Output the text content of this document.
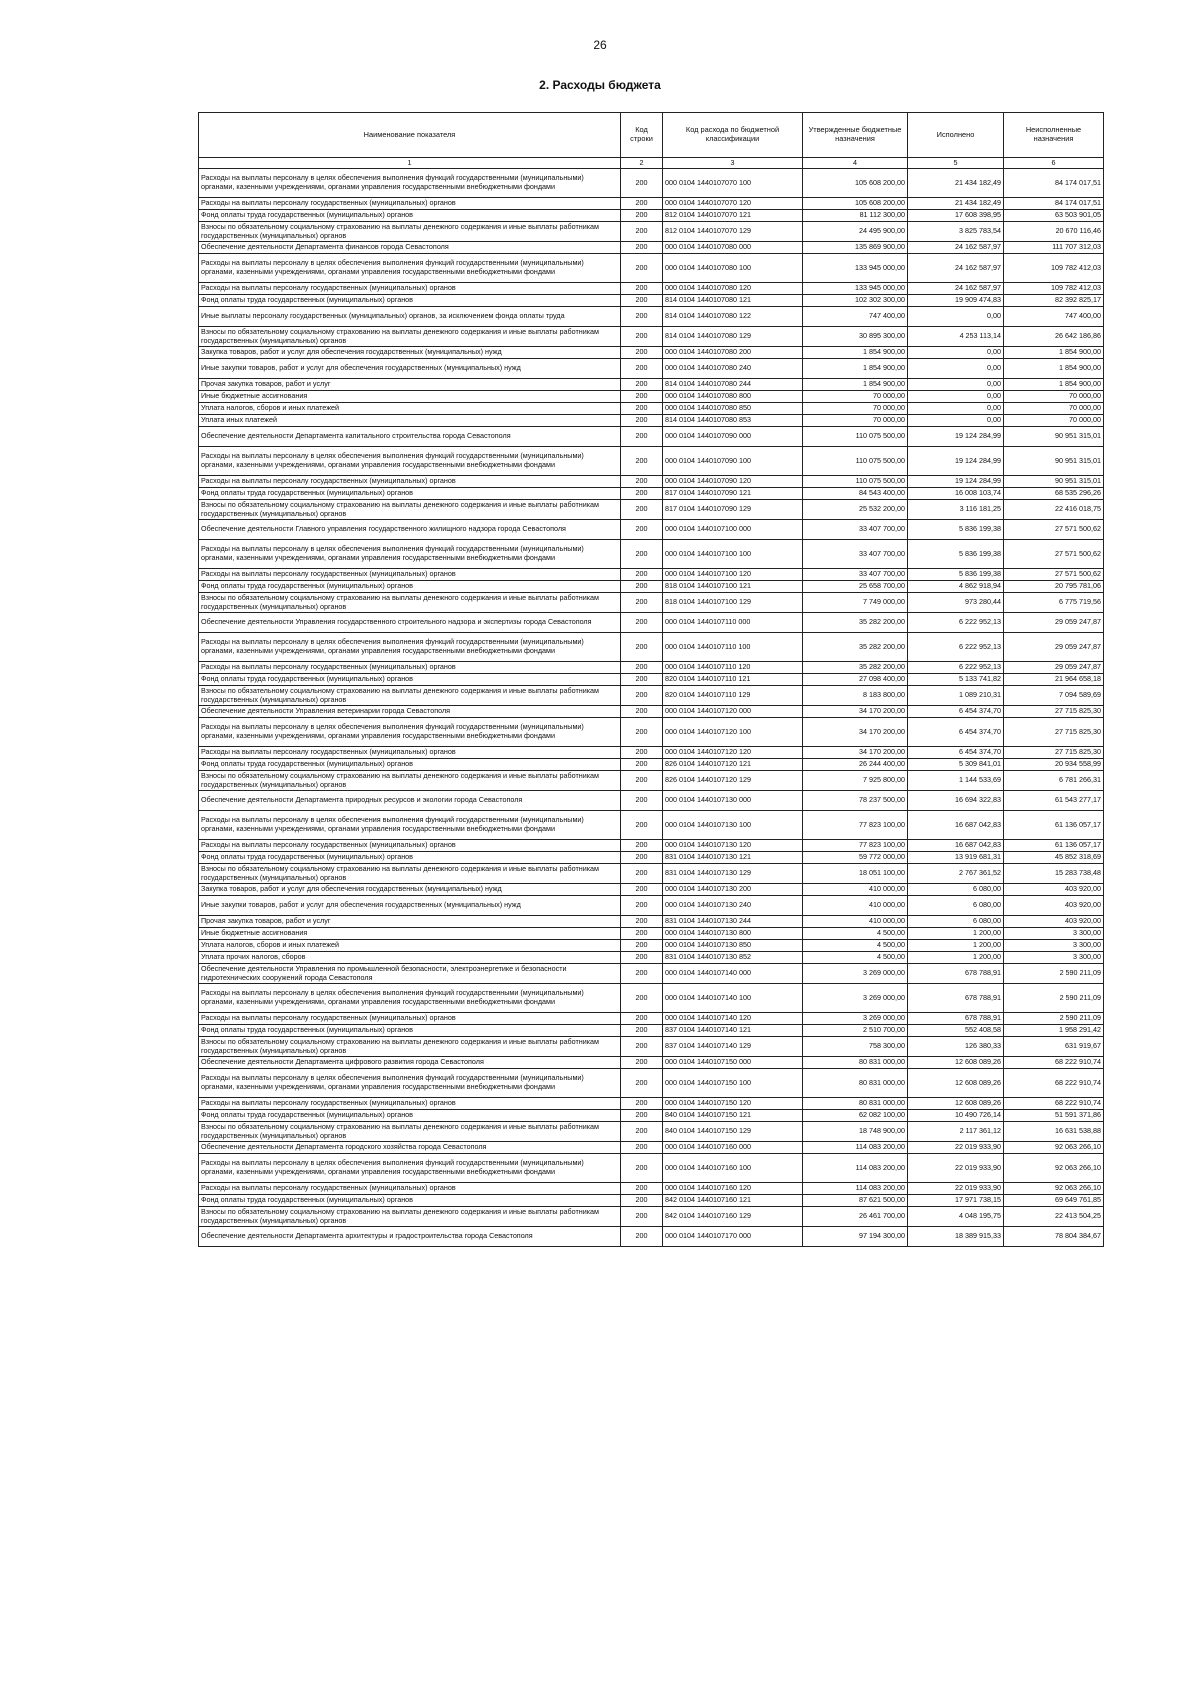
26
2. Расходы бюджета
Наименование показателя	Код строки	Код расхода по бюджетной классификации	Утвержденные бюджетные назначения	Исполнено	Неисполненные назначения
1	2	3	4	5	6
Расходы на выплаты персоналу в целях обеспечения выполнения функций государственными (муниципальными) органами, казенными учреждениями, органами управления государственными внебюджетными фондами	200	000 0104 1440107070 100	105 608 200,00	21 434 182,49	84 174 017,51
Расходы на выплаты персоналу государственных (муниципальных) органов	200	000 0104 1440107070 120	105 608 200,00	21 434 182,49	84 174 017,51
Фонд оплаты труда государственных (муниципальных) органов	200	812 0104 1440107070 121	81 112 300,00	17 608 398,95	63 503 901,05
Взносы по обязательному социальному страхованию на выплаты денежного содержания и иные выплаты работникам государственных (муниципальных) органов	200	812 0104 1440107070 129	24 495 900,00	3 825 783,54	20 670 116,46
Обеспечение деятельности Департамента финансов города Севастополя	200	000 0104 1440107080 000	135 869 900,00	24 162 587,97	111 707 312,03
Расходы на выплаты персоналу в целях обеспечения выполнения функций государственными (муниципальными) органами, казенными учреждениями, органами управления государственными внебюджетными фондами	200	000 0104 1440107080 100	133 945 000,00	24 162 587,97	109 782 412,03
Расходы на выплаты персоналу государственных (муниципальных) органов	200	000 0104 1440107080 120	133 945 000,00	24 162 587,97	109 782 412,03
Фонд оплаты труда государственных (муниципальных) органов	200	814 0104 1440107080 121	102 302 300,00	19 909 474,83	82 392 825,17
Иные выплаты персоналу государственных (муниципальных) органов, за исключением фонда оплаты труда	200	814 0104 1440107080 122	747 400,00	0,00	747 400,00
Взносы по обязательному социальному страхованию на выплаты денежного содержания и иные выплаты работникам государственных (муниципальных) органов	200	814 0104 1440107080 129	30 895 300,00	4 253 113,14	26 642 186,86
Закупка товаров, работ и услуг для обеспечения государственных (муниципальных) нужд	200	000 0104 1440107080 200	1 854 900,00	0,00	1 854 900,00
Иные закупки товаров, работ и услуг для обеспечения государственных (муниципальных) нужд	200	000 0104 1440107080 240	1 854 900,00	0,00	1 854 900,00
Прочая закупка товаров, работ и услуг	200	814 0104 1440107080 244	1 854 900,00	0,00	1 854 900,00
Иные бюджетные ассигнования	200	000 0104 1440107080 800	70 000,00	0,00	70 000,00
Уплата налогов, сборов и иных платежей	200	000 0104 1440107080 850	70 000,00	0,00	70 000,00
Уплата иных платежей	200	814 0104 1440107080 853	70 000,00	0,00	70 000,00
Обеспечение деятельности Департамента капитального строительства города Севастополя	200	000 0104 1440107090 000	110 075 500,00	19 124 284,99	90 951 315,01
Расходы на выплаты персоналу в целях обеспечения выполнения функций государственными (муниципальными) органами, казенными учреждениями, органами управления государственными внебюджетными фондами	200	000 0104 1440107090 100	110 075 500,00	19 124 284,99	90 951 315,01
Расходы на выплаты персоналу государственных (муниципальных) органов	200	000 0104 1440107090 120	110 075 500,00	19 124 284,99	90 951 315,01
Фонд оплаты труда государственных (муниципальных) органов	200	817 0104 1440107090 121	84 543 400,00	16 008 103,74	68 535 296,26
Взносы по обязательному социальному страхованию на выплаты денежного содержания и иные выплаты работникам государственных (муниципальных) органов	200	817 0104 1440107090 129	25 532 200,00	3 116 181,25	22 416 018,75
Обеспечение деятельности Главного управления государственного жилищного надзора города Севастополя	200	000 0104 1440107100 000	33 407 700,00	5 836 199,38	27 571 500,62
Расходы на выплаты персоналу в целях обеспечения выполнения функций государственными (муниципальными) органами, казенными учреждениями, органами управления государственными внебюджетными фондами	200	000 0104 1440107100 100	33 407 700,00	5 836 199,38	27 571 500,62
Расходы на выплаты персоналу государственных (муниципальных) органов	200	000 0104 1440107100 120	33 407 700,00	5 836 199,38	27 571 500,62
Фонд оплаты труда государственных (муниципальных) органов	200	818 0104 1440107100 121	25 658 700,00	4 862 918,94	20 795 781,06
Взносы по обязательному социальному страхованию на выплаты денежного содержания и иные выплаты работникам государственных (муниципальных) органов	200	818 0104 1440107100 129	7 749 000,00	973 280,44	6 775 719,56
Обеспечение деятельности Управления государственного строительного надзора и экспертизы города Севастополя	200	000 0104 1440107110 000	35 282 200,00	6 222 952,13	29 059 247,87
Расходы на выплаты персоналу в целях обеспечения выполнения функций государственными (муниципальными) органами, казенными учреждениями, органами управления государственными внебюджетными фондами	200	000 0104 1440107110 100	35 282 200,00	6 222 952,13	29 059 247,87
Расходы на выплаты персоналу государственных (муниципальных) органов	200	000 0104 1440107110 120	35 282 200,00	6 222 952,13	29 059 247,87
Фонд оплаты труда государственных (муниципальных) органов	200	820 0104 1440107110 121	27 098 400,00	5 133 741,82	21 964 658,18
Взносы по обязательному социальному страхованию на выплаты денежного содержания и иные выплаты работникам государственных (муниципальных) органов	200	820 0104 1440107110 129	8 183 800,00	1 089 210,31	7 094 589,69
Обеспечение деятельности Управления ветеринарии города Севастополя	200	000 0104 1440107120 000	34 170 200,00	6 454 374,70	27 715 825,30
Расходы на выплаты персоналу в целях обеспечения выполнения функций государственными (муниципальными) органами, казенными учреждениями, органами управления государственными внебюджетными фондами	200	000 0104 1440107120 100	34 170 200,00	6 454 374,70	27 715 825,30
Расходы на выплаты персоналу государственных (муниципальных) органов	200	000 0104 1440107120 120	34 170 200,00	6 454 374,70	27 715 825,30
Фонд оплаты труда государственных (муниципальных) органов	200	826 0104 1440107120 121	26 244 400,00	5 309 841,01	20 934 558,99
Взносы по обязательному социальному страхованию на выплаты денежного содержания и иные выплаты работникам государственных (муниципальных) органов	200	826 0104 1440107120 129	7 925 800,00	1 144 533,69	6 781 266,31
Обеспечение деятельности Департамента природных ресурсов и экологии города Севастополя	200	000 0104 1440107130 000	78 237 500,00	16 694 322,83	61 543 277,17
Расходы на выплаты персоналу в целях обеспечения выполнения функций государственными (муниципальными) органами, казенными учреждениями, органами управления государственными внебюджетными фондами	200	000 0104 1440107130 100	77 823 100,00	16 687 042,83	61 136 057,17
Расходы на выплаты персоналу государственных (муниципальных) органов	200	000 0104 1440107130 120	77 823 100,00	16 687 042,83	61 136 057,17
Фонд оплаты труда государственных (муниципальных) органов	200	831 0104 1440107130 121	59 772 000,00	13 919 681,31	45 852 318,69
Взносы по обязательному социальному страхованию на выплаты денежного содержания и иные выплаты работникам государственных (муниципальных) органов	200	831 0104 1440107130 129	18 051 100,00	2 767 361,52	15 283 738,48
Закупка товаров, работ и услуг для обеспечения государственных (муниципальных) нужд	200	000 0104 1440107130 200	410 000,00	6 080,00	403 920,00
Иные закупки товаров, работ и услуг для обеспечения государственных (муниципальных) нужд	200	000 0104 1440107130 240	410 000,00	6 080,00	403 920,00
Прочая закупка товаров, работ и услуг	200	831 0104 1440107130 244	410 000,00	6 080,00	403 920,00
Иные бюджетные ассигнования	200	000 0104 1440107130 800	4 500,00	1 200,00	3 300,00
Уплата налогов, сборов и иных платежей	200	000 0104 1440107130 850	4 500,00	1 200,00	3 300,00
Уплата прочих налогов, сборов	200	831 0104 1440107130 852	4 500,00	1 200,00	3 300,00
Обеспечение деятельности Управления по промышленной безопасности, электроэнергетике и безопасности гидротехнических сооружений города Севастополя	200	000 0104 1440107140 000	3 269 000,00	678 788,91	2 590 211,09
Расходы на выплаты персоналу в целях обеспечения выполнения функций государственными (муниципальными) органами, казенными учреждениями, органами управления государственными внебюджетными фондами	200	000 0104 1440107140 100	3 269 000,00	678 788,91	2 590 211,09
Расходы на выплаты персоналу государственных (муниципальных) органов	200	000 0104 1440107140 120	3 269 000,00	678 788,91	2 590 211,09
Фонд оплаты труда государственных (муниципальных) органов	200	837 0104 1440107140 121	2 510 700,00	552 408,58	1 958 291,42
Взносы по обязательному социальному страхованию на выплаты денежного содержания и иные выплаты работникам государственных (муниципальных) органов	200	837 0104 1440107140 129	758 300,00	126 380,33	631 919,67
Обеспечение деятельности Департамента цифрового развития города Севастополя	200	000 0104 1440107150 000	80 831 000,00	12 608 089,26	68 222 910,74
Расходы на выплаты персоналу в целях обеспечения выполнения функций государственными (муниципальными) органами, казенными учреждениями, органами управления государственными внебюджетными фондами	200	000 0104 1440107150 100	80 831 000,00	12 608 089,26	68 222 910,74
Расходы на выплаты персоналу государственных (муниципальных) органов	200	000 0104 1440107150 120	80 831 000,00	12 608 089,26	68 222 910,74
Фонд оплаты труда государственных (муниципальных) органов	200	840 0104 1440107150 121	62 082 100,00	10 490 726,14	51 591 371,86
Взносы по обязательному социальному страхованию на выплаты денежного содержания и иные выплаты работникам государственных (муниципальных) органов	200	840 0104 1440107150 129	18 748 900,00	2 117 361,12	16 631 538,88
Обеспечение деятельности Департамента городского хозяйства города Севастополя	200	000 0104 1440107160 000	114 083 200,00	22 019 933,90	92 063 266,10
Расходы на выплаты персоналу в целях обеспечения выполнения функций государственными (муниципальными) органами, казенными учреждениями, органами управления государственными внебюджетными фондами	200	000 0104 1440107160 100	114 083 200,00	22 019 933,90	92 063 266,10
Расходы на выплаты персоналу государственных (муниципальных) органов	200	000 0104 1440107160 120	114 083 200,00	22 019 933,90	92 063 266,10
Фонд оплаты труда государственных (муниципальных) органов	200	842 0104 1440107160 121	87 621 500,00	17 971 738,15	69 649 761,85
Взносы по обязательному социальному страхованию на выплаты денежного содержания и иные выплаты работникам государственных (муниципальных) органов	200	842 0104 1440107160 129	26 461 700,00	4 048 195,75	22 413 504,25
Обеспечение деятельности Департамента архитектуры и градостроительства города Севастополя	200	000 0104 1440107170 000	97 194 300,00	18 389 915,33	78 804 384,67
